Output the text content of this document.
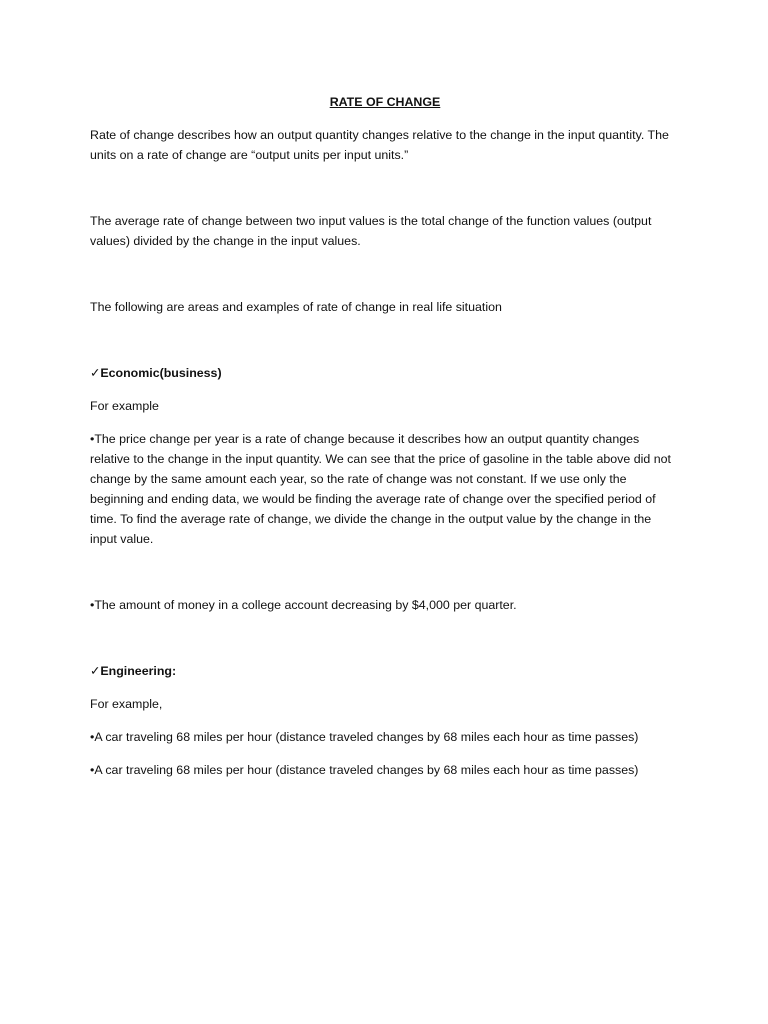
RATE OF CHANGE

Rate of change describes how an output quantity changes relative to the change in the input quantity. The units on a rate of change are “output units per input units.”

The average rate of change between two input values is the total change of the function values (output values) divided by the change in the input values.

The following are areas and examples of rate of change in real life situation

✓Economic(business)

For example

•The price change per year is a rate of change because it describes how an output quantity changes relative to the change in the input quantity. We can see that the price of gasoline in the table above did not change by the same amount each year, so the rate of change was not constant. If we use only the beginning and ending data, we would be finding the average rate of change over the specified period of time. To find the average rate of change, we divide the change in the output value by the change in the input value.

•The amount of money in a college account decreasing by $4,000 per quarter.

✓Engineering:

For example,

•A car traveling 68 miles per hour (distance traveled changes by 68 miles each hour as time passes)

•A car traveling 68 miles per hour (distance traveled changes by 68 miles each hour as time passes)
